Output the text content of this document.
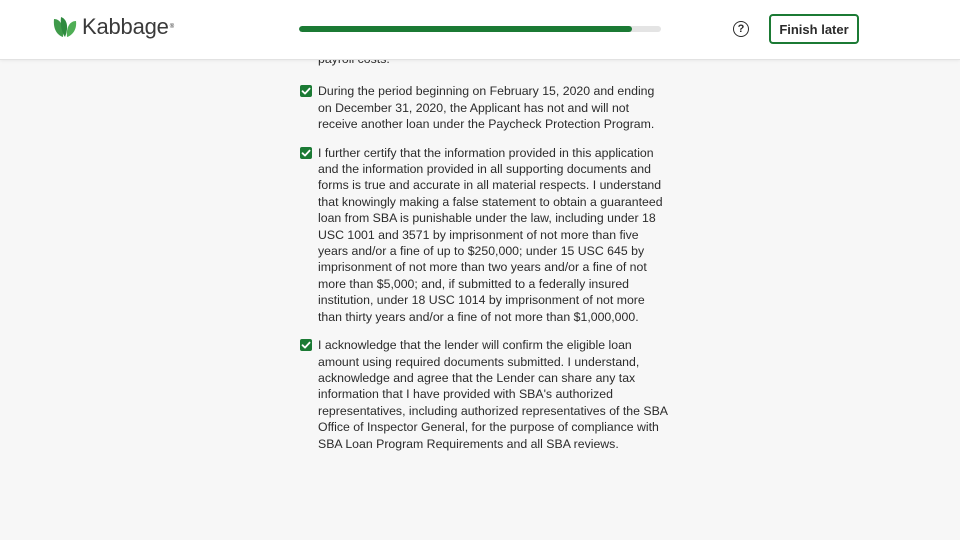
Kabbage ®	?	Finish later
During the period beginning on February 15, 2020 and ending on December 31, 2020, the Applicant has not and will not receive another loan under the Paycheck Protection Program.
I further certify that the information provided in this application and the information provided in all supporting documents and forms is true and accurate in all material respects. I understand that knowingly making a false statement to obtain a guaranteed loan from SBA is punishable under the law, including under 18 USC 1001 and 3571 by imprisonment of not more than five years and/or a fine of up to $250,000; under 15 USC 645 by imprisonment of not more than two years and/or a fine of not more than $5,000; and, if submitted to a federally insured institution, under 18 USC 1014 by imprisonment of not more than thirty years and/or a fine of not more than $1,000,000.
I acknowledge that the lender will confirm the eligible loan amount using required documents submitted. I understand, acknowledge and agree that the Lender can share any tax information that I have provided with SBA's authorized representatives, including authorized representatives of the SBA Office of Inspector General, for the purpose of compliance with SBA Loan Program Requirements and all SBA reviews.
